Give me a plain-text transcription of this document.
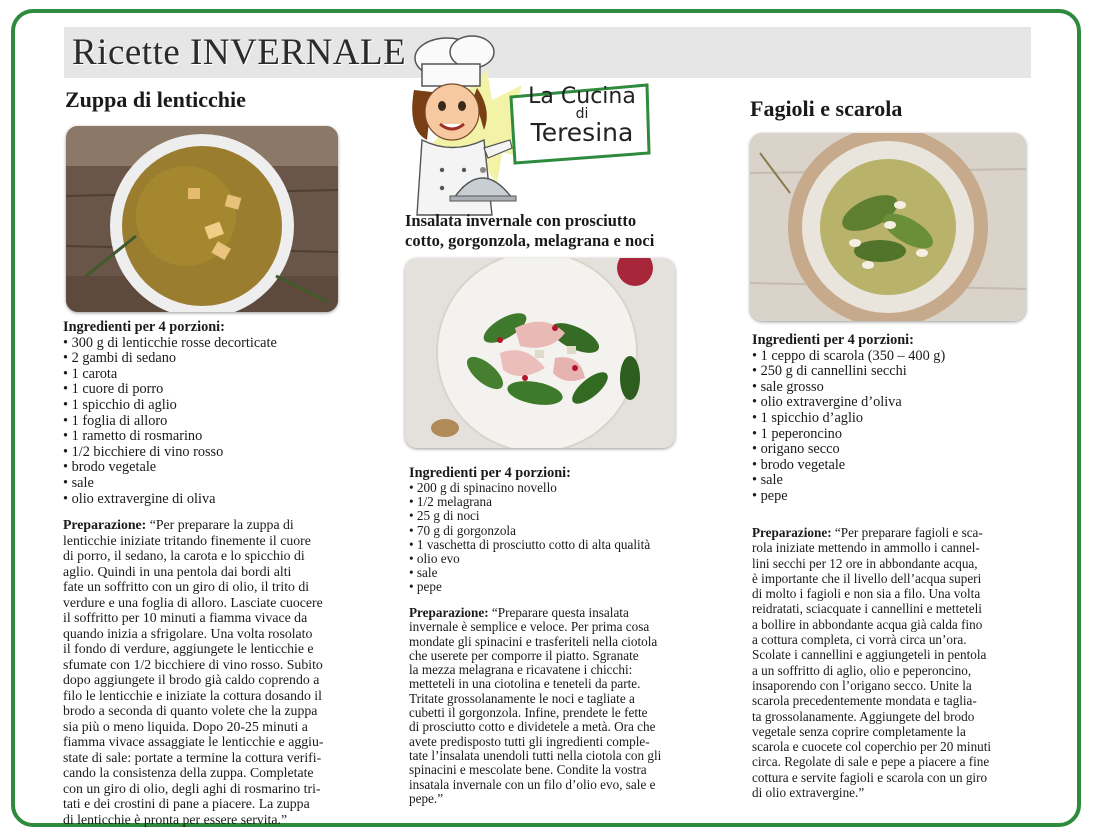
Ricette INVERNALE
La Cucina
di
Teresina
Zuppa di lenticchie
Ingredienti per 4 porzioni:
• 300 g di lenticchie rosse decorticate
• 2 gambi di sedano
• 1 carota
• 1 cuore di porro
• 1 spicchio di aglio
• 1 foglia di alloro
• 1 rametto di rosmarino
• 1/2 bicchiere di vino rosso
• brodo vegetale
• sale
• olio extravergine di oliva
Preparazione: “Per preparare la zuppa di
lenticchie iniziate tritando finemente il cuore
di porro, il sedano, la carota e lo spicchio di
aglio. Quindi in una pentola dai bordi alti
fate un soffritto con un giro di olio, il trito di
verdure e una foglia di alloro. Lasciate cuocere
il soffritto per 10 minuti a fiamma vivace da
quando inizia a sfrigolare. Una volta rosolato
il fondo di verdure, aggiungete le lenticchie e
sfumate con 1/2 bicchiere di vino rosso. Subito
dopo aggiungete il brodo già caldo coprendo a
filo le lenticchie e iniziate la cottura dosando il
brodo a seconda di quanto volete che la zuppa
sia più o meno liquida. Dopo 20-25 minuti a
fiamma vivace assaggiate le lenticchie e aggiu-
state di sale: portate a termine la cottura verifi-
cando la consistenza della zuppa. Completate
con un giro di olio, degli aghi di rosmarino tri-
tati e dei crostini di pane a piacere. La zuppa
di lenticchie è pronta per essere servita.”
Insalata invernale con prosciutto
cotto, gorgonzola, melagrana e noci
Ingredienti per 4 porzioni:
• 200 g di spinacino novello
• 1/2 melagrana
• 25 g di noci
• 70 g di gorgonzola
• 1 vaschetta di prosciutto cotto di alta qualità
• olio evo
• sale
• pepe
Preparazione: “Preparare questa insalata
invernale è semplice e veloce. Per prima cosa
mondate gli spinacini e trasferiteli nella ciotola
che userete per comporre il piatto. Sgranate
la mezza melagrana e ricavatene i chicchi:
metteteli in una ciotolina e teneteli da parte.
Tritate grossolanamente le noci e tagliate a
cubetti il gorgonzola. Infine, prendete le fette
di prosciutto cotto e dividetele a metà. Ora che
avete predisposto tutti gli ingredienti comple-
tate l’insalata unendoli tutti nella ciotola con gli
spinacini e mescolate bene. Condite la vostra
insatala invernale con un filo d’olio evo, sale e
pepe.”
Fagioli e scarola
Ingredienti per 4 porzioni:
• 1 ceppo di scarola (350 – 400 g)
• 250 g di cannellini secchi
• sale grosso
• olio extravergine d’oliva
• 1 spicchio d’aglio
• 1 peperoncino
• origano secco
• brodo vegetale
• sale
• pepe
Preparazione: “Per preparare fagioli e sca-
rola iniziate mettendo in ammollo i cannel-
lini secchi per 12 ore in abbondante acqua,
è importante che il livello dell’acqua superi
di molto i fagioli e non sia a filo. Una volta
reidratati, sciacquate i cannellini e metteteli
a bollire in abbondante acqua già calda fino
a cottura completa, ci vorrà circa un’ora.
Scolate i cannellini e aggiungeteli in pentola
a un soffritto di aglio, olio e peperoncino,
insaporendo con l’origano secco. Unite la
scarola precedentemente mondata e taglia-
ta grossolanamente. Aggiungete del brodo
vegetale senza coprire completamente la
scarola e cuocete col coperchio per 20 minuti
circa. Regolate di sale e pepe a piacere a fine
cottura e servite fagioli e scarola con un giro
di olio extravergine.”
